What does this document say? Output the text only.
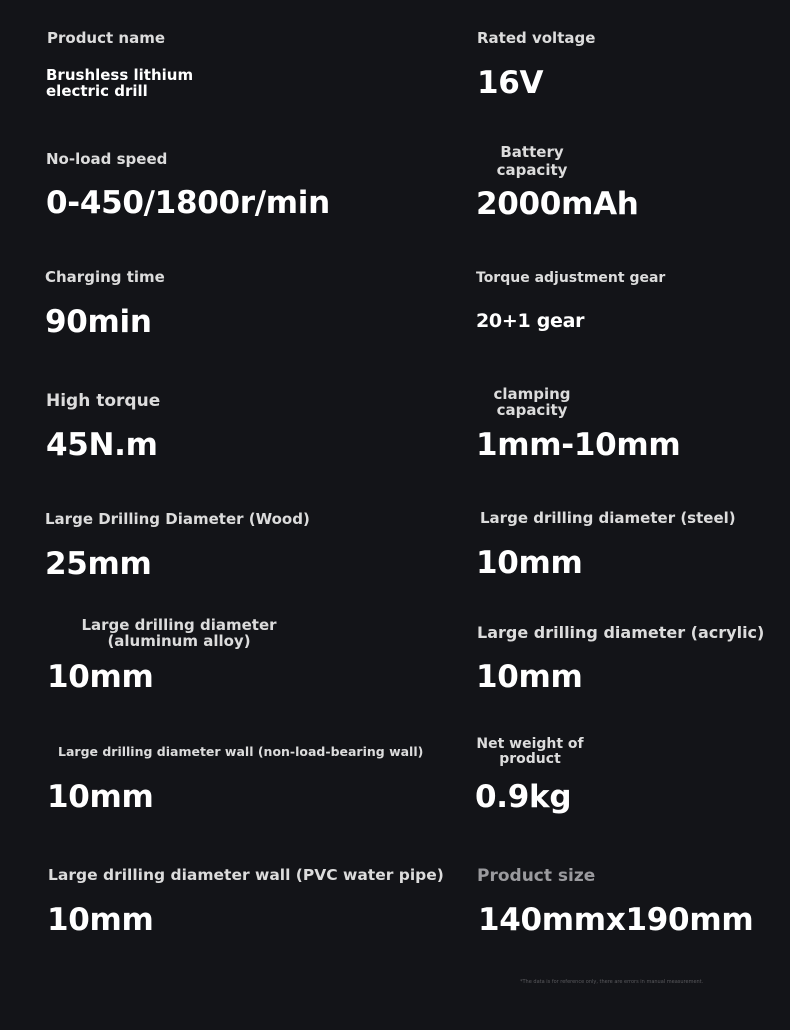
Product name
Brushless lithium electric drill
Rated voltage
16V
No-load speed
0-450/1800r/min
Battery capacity
2000mAh
Charging time
90min
Torque adjustment gear
20+1 gear
High torque
45N.m
clamping capacity
1mm-10mm
Large Drilling Diameter (Wood)
25mm
Large drilling diameter (steel)
10mm
Large drilling diameter (aluminum alloy)
10mm
Large drilling diameter (acrylic)
10mm
Large drilling diameter wall (non-load-bearing wall)
10mm
Net weight of product
0.9kg
Large drilling diameter wall (PVC water pipe)
10mm
Product size
140mmx190mm
*The data is for reference only, there are errors in manual measurement.
